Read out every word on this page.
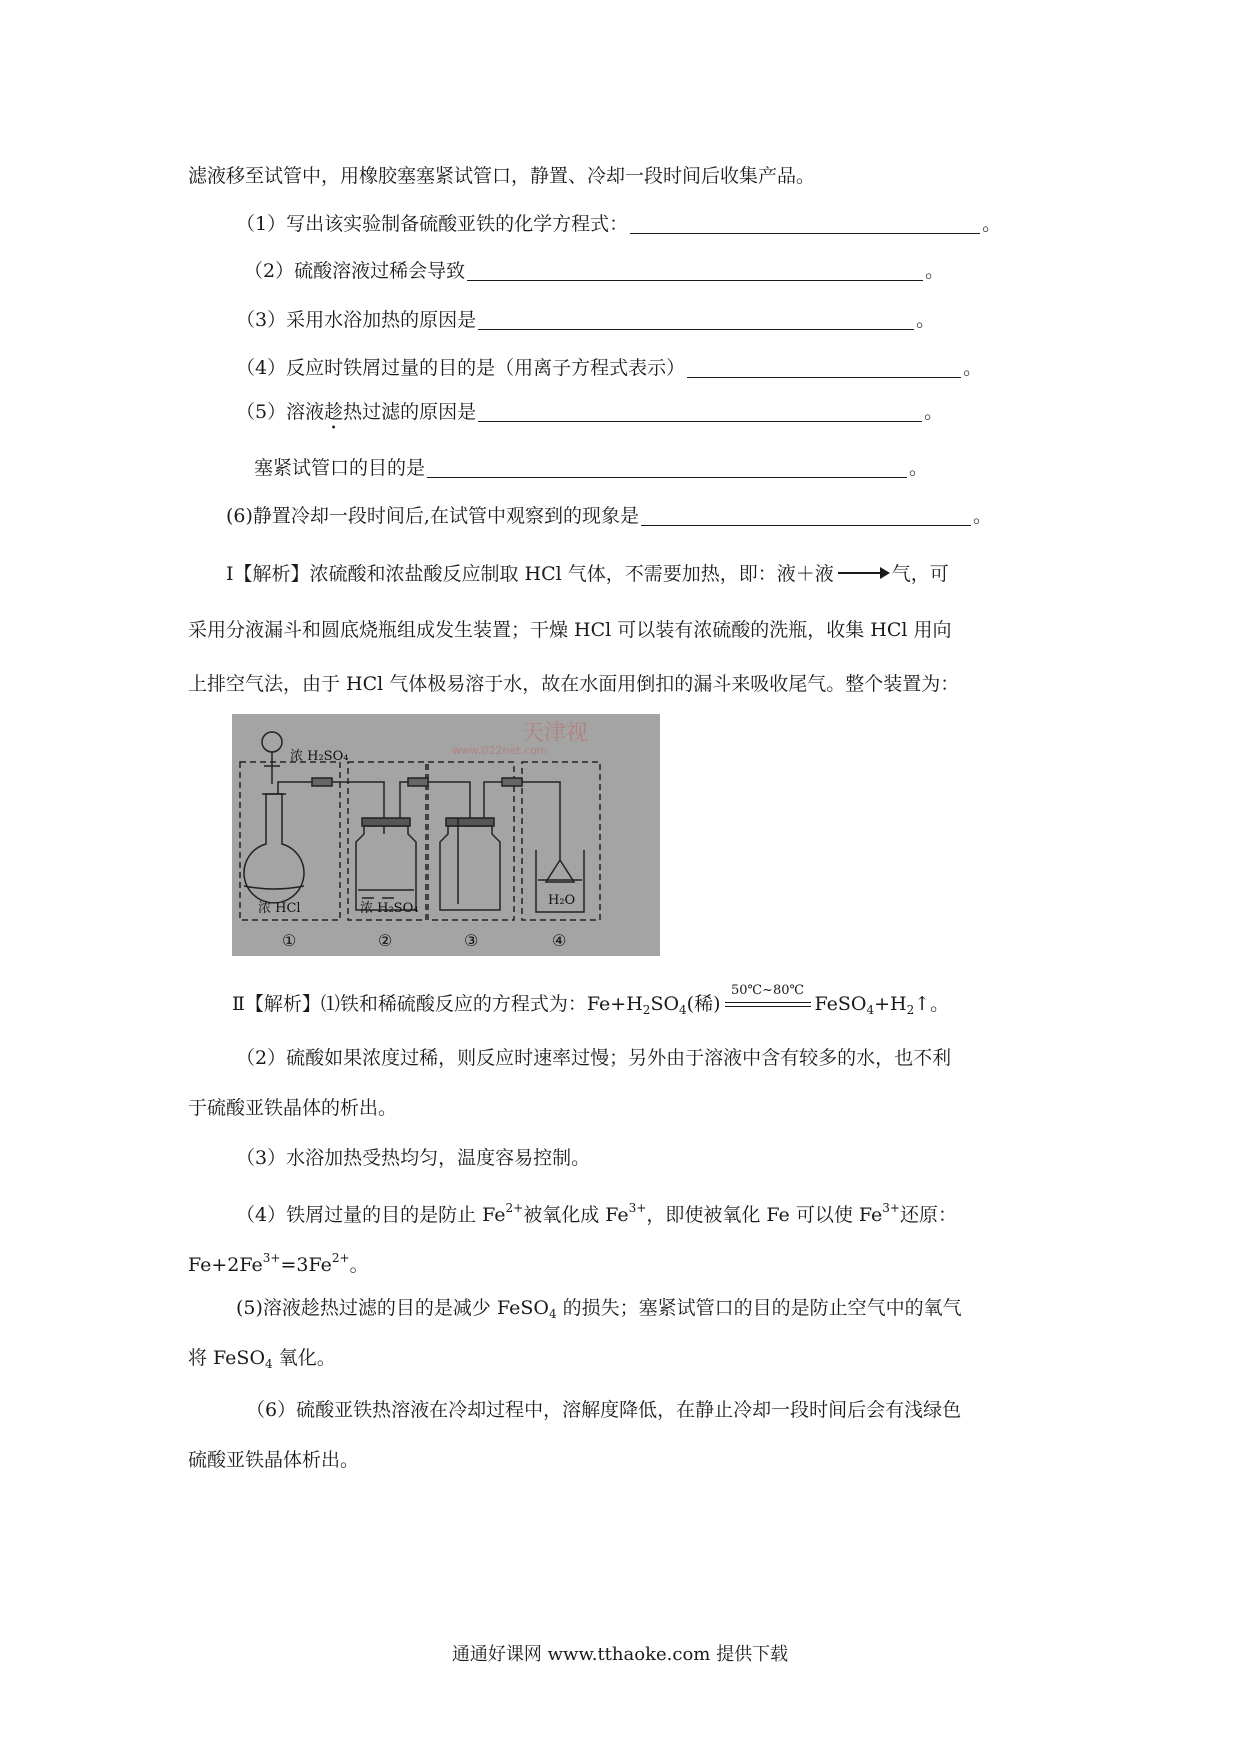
滤液移至试管中，用橡胶塞塞紧试管口，静置、冷却一段时间后收集产品。
（1）写出该实验制备硫酸亚铁的化学方程式：	。
（2）硫酸溶液过稀会导致	。
（3）采用水浴加热的原因是	。
（4）反应时铁屑过量的目的是（用离子方程式表示）	。
（5）溶液趁热过滤的原因是	。
塞紧试管口的目的是	。
(6)静置冷却一段时间后,在试管中观察到的现象是	。
Ⅰ【解析】浓硫酸和浓盐酸反应制取 HCl 气体，不需要加热，即：液＋液	气，可
采用分液漏斗和圆底烧瓶组成发生装置；干燥 HCl 可以装有浓硫酸的洗瓶，收集 HCl 用向
上排空气法，由于 HCl 气体极易溶于水，故在水面用倒扣的漏斗来吸收尾气。整个装置为：
浓 H₂SO₄
浓 HCl	浓 H₂SO₄
H₂O
①	②	③	④
天津视
www.022net.com
Ⅱ【解析】⑴铁和稀硫酸反应的方程式为：$Fe+H_2SO_4$(稀)
50℃~80℃
$FeSO_4+H_2↑$。
（2）硫酸如果浓度过稀，则反应时速率过慢；另外由于溶液中含有较多的水，也不利
于硫酸亚铁晶体的析出。
（3）水浴加热受热均匀，温度容易控制。
（4）铁屑过量的目的是防止 $Fe^{2+}$被氧化成 $Fe^{3+}$，即使被氧化 Fe 可以使 $Fe^{3+}$还原：
$Fe+2Fe^{3+}=3Fe^{2+}$。
(5)溶液趁热过滤的目的是减少 FeSO$_4$ 的损失；塞紧试管口的目的是防止空气中的氧气
将 FeSO$_4$ 氧化。
（6）硫酸亚铁热溶液在冷却过程中，溶解度降低，在静止冷却一段时间后会有浅绿色
硫酸亚铁晶体析出。
通通好课网 www.tthaoke.com 提供下载
